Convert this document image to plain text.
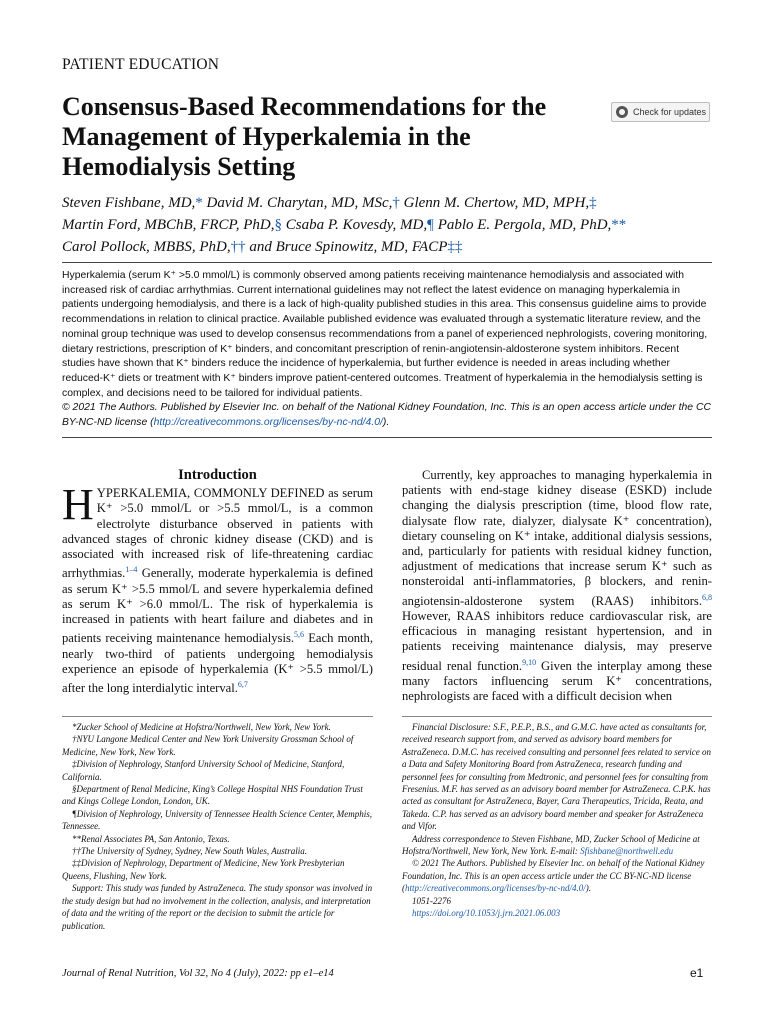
PATIENT EDUCATION
Consensus-Based Recommendations for the Management of Hyperkalemia in the Hemodialysis Setting
Check for updates
Steven Fishbane, MD,* David M. Charytan, MD, MSc,† Glenn M. Chertow, MD, MPH,‡
Martin Ford, MBChB, FRCP, PhD,§ Csaba P. Kovesdy, MD,¶ Pablo E. Pergola, MD, PhD,**
Carol Pollock, MBBS, PhD,†† and Bruce Spinowitz, MD, FACP‡‡

Hyperkalemia (serum K⁺ >5.0 mmol/L) is commonly observed among patients receiving maintenance hemodialysis and associated with increased risk of cardiac arrhythmias. Current international guidelines may not reflect the latest evidence on managing hyperkalemia in patients undergoing hemodialysis, and there is a lack of high-quality published studies in this area. This consensus guideline aims to provide recommendations in relation to clinical practice. Available published evidence was evaluated through a systematic literature review, and the nominal group technique was used to develop consensus recommendations from a panel of experienced nephrologists, covering monitoring, dietary restrictions, prescription of K⁺ binders, and concomitant prescription of renin-angiotensin-aldosterone system inhibitors. Recent studies have shown that K⁺ binders reduce the incidence of hyperkalemia, but further evidence is needed in areas including whether reduced-K⁺ diets or treatment with K⁺ binders improve patient-centered outcomes. Treatment of hyperkalemia in the hemodialysis setting is complex, and decisions need to be tailored for individual patients.

© 2021 The Authors. Published by Elsevier Inc. on behalf of the National Kidney Foundation, Inc. This is an open access article under the CC BY-NC-ND license (http://creativecommons.org/licenses/by-nc-nd/4.0/).

Introduction

HYPERKALEMIA, COMMONLY DEFINED as serum K⁺ >5.0 mmol/L or >5.5 mmol/L, is a common electrolyte disturbance observed in patients with advanced stages of chronic kidney disease (CKD) and is associated with increased risk of life-threatening cardiac arrhythmias.$^{1-4}$ Generally, moderate hyperkalemia is defined as serum K⁺ >5.5 mmol/L and severe hyperkalemia defined as serum K⁺ >6.0 mmol/L. The risk of hyperkalemia is increased in patients with heart failure and diabetes and in patients receiving maintenance hemodialysis.$^{5,6}$ Each month, nearly two-third of patients undergoing hemodialysis experience an episode of hyperkalemia (K⁺ >5.5 mmol/L) after the long interdialytic interval.$^{6,7}$

Currently, key approaches to managing hyperkalemia in patients with end-stage kidney disease (ESKD) include changing the dialysis prescription (time, blood flow rate, dialysate flow rate, dialyzer, dialysate K⁺ concentration), dietary counseling on K⁺ intake, additional dialysis sessions, and, particularly for patients with residual kidney function, adjustment of medications that increase serum K⁺ such as nonsteroidal anti-inflammatories, β blockers, and renin-angiotensin-aldosterone system (RAAS) inhibitors.$^{6,8}$ However, RAAS inhibitors reduce cardiovascular risk, are efficacious in managing resistant hypertension, and in patients receiving maintenance dialysis, may preserve residual renal function.$^{9,10}$ Given the interplay among these many factors influencing serum K⁺ concentrations, nephrologists are faced with a difficult decision when

*Zucker School of Medicine at Hofstra/Northwell, New York, New York.

†NYU Langone Medical Center and New York University Grossman School of Medicine, New York, New York.

‡Division of Nephrology, Stanford University School of Medicine, Stanford, California.

§Department of Renal Medicine, King’s College Hospital NHS Foundation Trust and Kings College London, London, UK.

¶Division of Nephrology, University of Tennessee Health Science Center, Memphis, Tennessee.

**Renal Associates PA, San Antonio, Texas.

††The University of Sydney, Sydney, New South Wales, Australia.

‡‡Division of Nephrology, Department of Medicine, New York Presbyterian Queens, Flushing, New York.

Support: This study was funded by AstraZeneca. The study sponsor was involved in the study design but had no involvement in the collection, analysis, and interpretation of data and the writing of the report or the decision to submit the article for publication.

Financial Disclosure: S.F., P.E.P., B.S., and G.M.C. have acted as consultants for, received research support from, and served as advisory board members for AstraZeneca. D.M.C. has received consulting and personnel fees related to service on a Data and Safety Monitoring Board from AstraZeneca, research funding and personnel fees for consulting from Medtronic, and personnel fees for consulting from Fresenius. M.F. has served as an advisory board member for AstraZeneca. C.P.K. has acted as consultant for AstraZeneca, Bayer, Cara Therapeutics, Tricida, Reata, and Takeda. C.P. has served as an advisory board member and speaker for AstraZeneca and Vifor.

Address correspondence to Steven Fishbane, MD, Zucker School of Medicine at Hofstra/Northwell, New York, New York. E-mail: Sfishbane@northwell.edu

© 2021 The Authors. Published by Elsevier Inc. on behalf of the National Kidney Foundation, Inc. This is an open access article under the CC BY-NC-ND license (http://creativecommons.org/licenses/by-nc-nd/4.0/).

1051-2276

https://doi.org/10.1053/j.jrn.2021.06.003

Journal of Renal Nutrition, Vol 32, No 4 (July), 2022: pp e1–e14	e1
